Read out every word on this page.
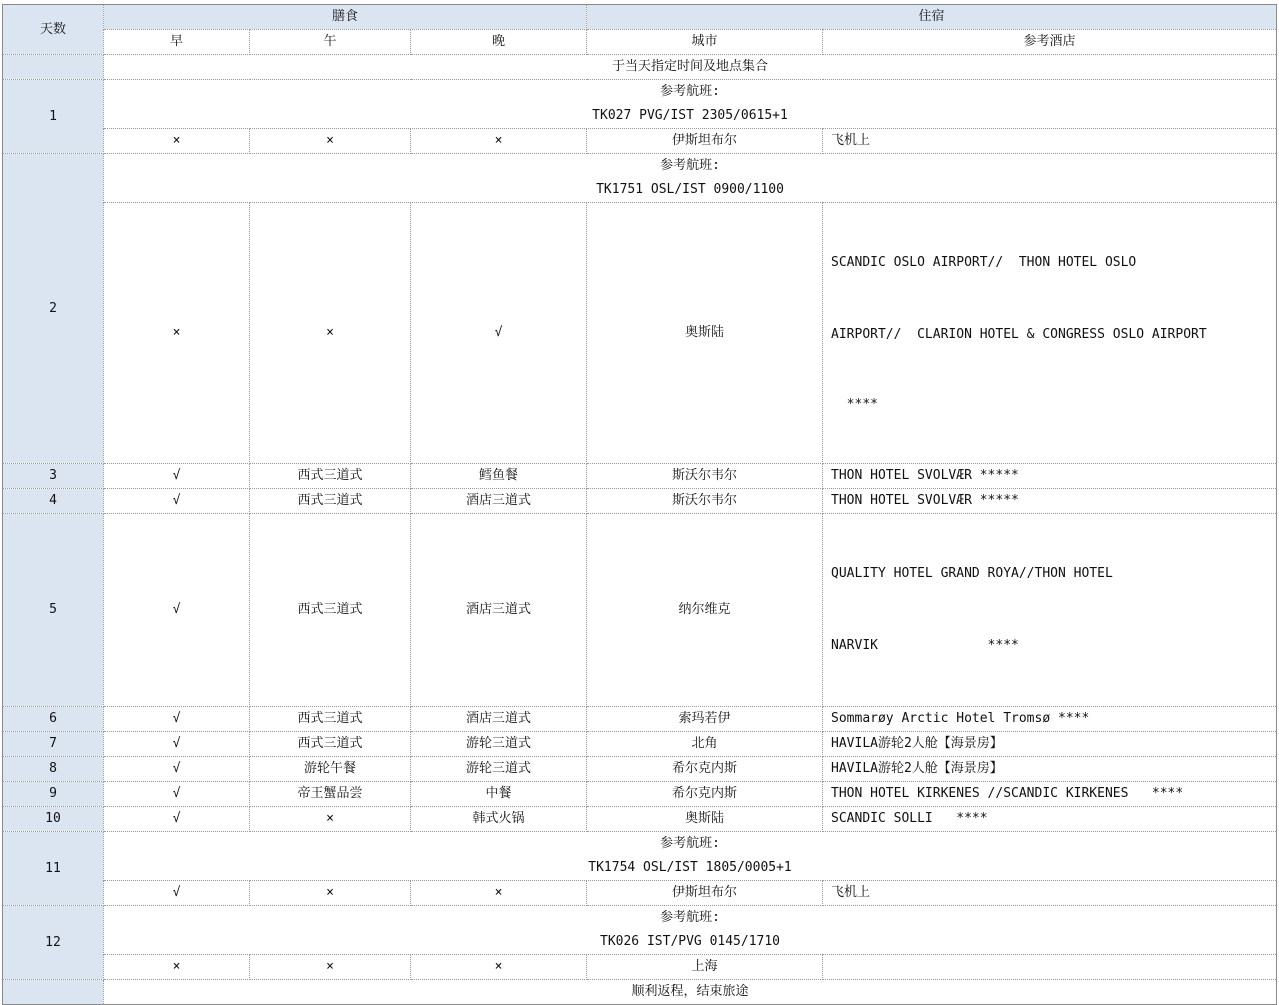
天数	膳食			住宿	
	早	午	晚	城市	参考酒店
	于当天指定时间及地点集合				
1	参考航班:
TK027 PVG/IST 2305/0615+1				

	×	×	×	伊斯坦布尔	飞机上
2	参考航班:
TK1751 OSL/IST 0900/1100				

	×	×	√	奥斯陆	SCANDIC OSLO AIRPORT//  THON HOTEL OSLO

AIRPORT//  CLARION HOTEL & CONGRESS OSLO AIRPORT

****

3	√	西式三道式	鳕鱼餐	斯沃尔韦尔	THON HOTEL SVOLVÆR *****
4	√	西式三道式	酒店三道式	斯沃尔韦尔	THON HOTEL SVOLVÆR *****
5	√	西式三道式	酒店三道式	纳尔维克	QUALITY HOTEL GRAND ROYA//THON HOTEL

NARVIK              ****

6	√	西式三道式	酒店三道式	索玛若伊	Sommarøy Arctic Hotel Tromsø ****
7	√	西式三道式	游轮三道式	北角	HAVILA游轮2人舱【海景房】
8	√	游轮午餐	游轮三道式	希尔克内斯	HAVILA游轮2人舱【海景房】
9	√	帝王蟹品尝	中餐	希尔克内斯	THON HOTEL KIRKENES //SCANDIC KIRKENES   ****
10	√	×	韩式火锅	奥斯陆	SCANDIC SOLLI   ****
11	参考航班:
TK1754 OSL/IST 1805/0005+1				

	√	×	×	伊斯坦布尔	飞机上
12	参考航班:
TK026 IST/PVG 0145/1710				

	×	×	×	上海	
	顺利返程，结束旅途				
